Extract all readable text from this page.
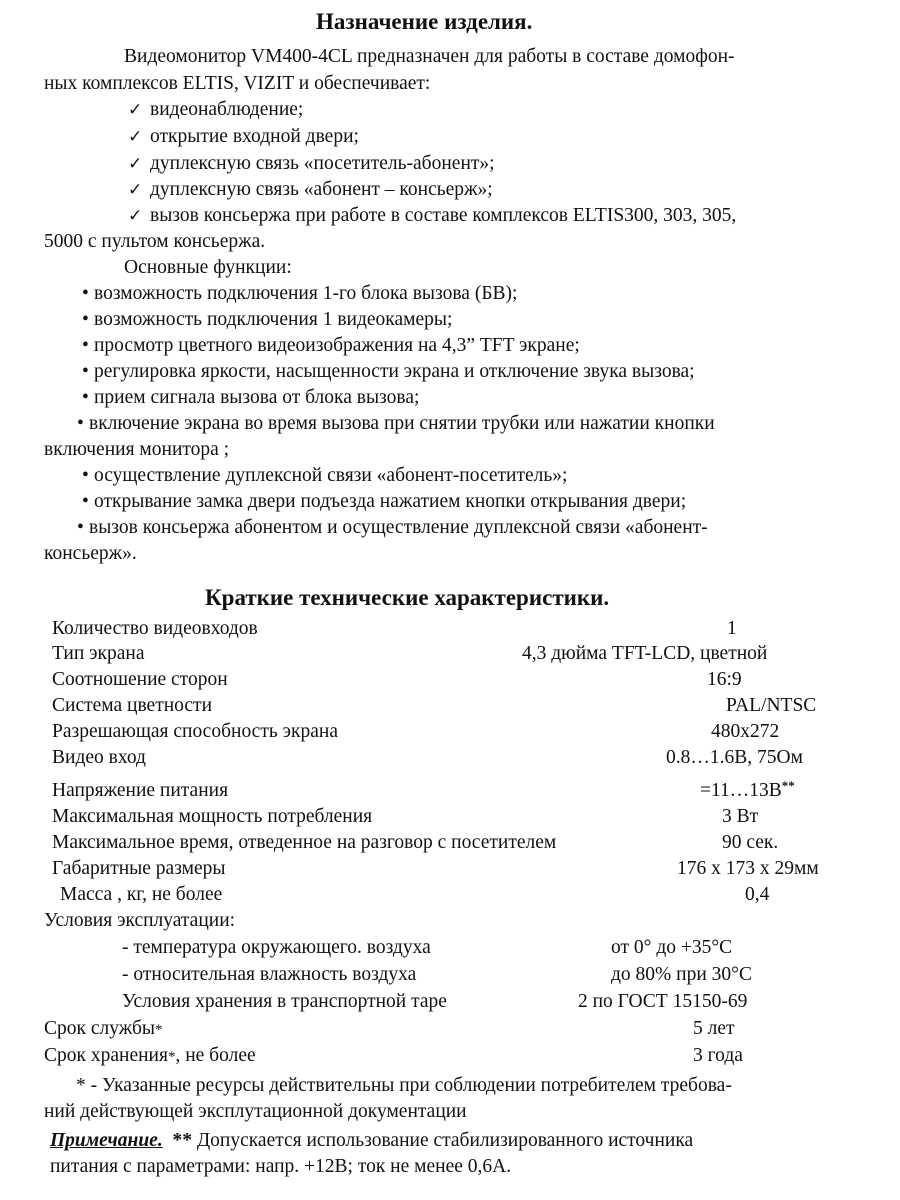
Назначение изделия.
Видеомонитор VM400-4CL предназначен для работы в составе домофон-
ных комплексов ELTIS, VIZIT и обеспечивает:
✓ видеонаблюдение;
✓ открытие входной двери;
✓ дуплексную связь «посетитель-абонент»;
✓ дуплексную связь «абонент – консьерж»;
✓ вызов консьержа при работе в составе комплексов ELTIS300, 303, 305,
5000 с пультом консьержа.
Основные функции:
• возможность подключения 1-го блока вызова (БВ);
• возможность подключения 1 видеокамеры;
• просмотр цветного видеоизображения на 4,3” TFT экране;
• регулировка яркости, насыщенности экрана и отключение звука вызова;
• прием сигнала вызова от блока вызова;
• включение экрана во время вызова при снятии трубки или нажатии кнопки
включения монитора ;
• осуществление дуплексной связи «абонент-посетитель»;
• открывание замка двери подъезда нажатием кнопки открывания двери;
• вызов консьержа абонентом и осуществление дуплексной связи «абонент-
консьерж».
Краткие технические характеристики.
Количество видеовходов	1
Тип экрана	4,3 дюйма TFT-LCD, цветной
Соотношение сторон	16:9
Система цветности	PAL/NTSC
Разрешающая способность экрана	480x272
Видео вход	0.8…1.6В, 75Ом
Напряжение питания	=11…13В**
Максимальная мощность потребления	3 Вт
Максимальное время, отведенное на разговор с посетителем	90 сек.
Габаритные размеры	176 x 173 x 29мм
Масса , кг, не более	0,4
Условия эксплуатации:
- температура окружающего. воздуха	от 0° до +35°С
- относительная влажность воздуха	до 80% при 30°С
Условия хранения в транспортной таре	2 по ГОСТ 15150-69
Срок службы*	5 лет
Срок хранения*, не более	3 года
* - Указанные ресурсы действительны при соблюдении потребителем требова-
ний действующей эксплутационной документации
Примечание. ** Допускается использование стабилизированного источника
питания с параметрами: напр. +12В; ток не менее 0,6А.
